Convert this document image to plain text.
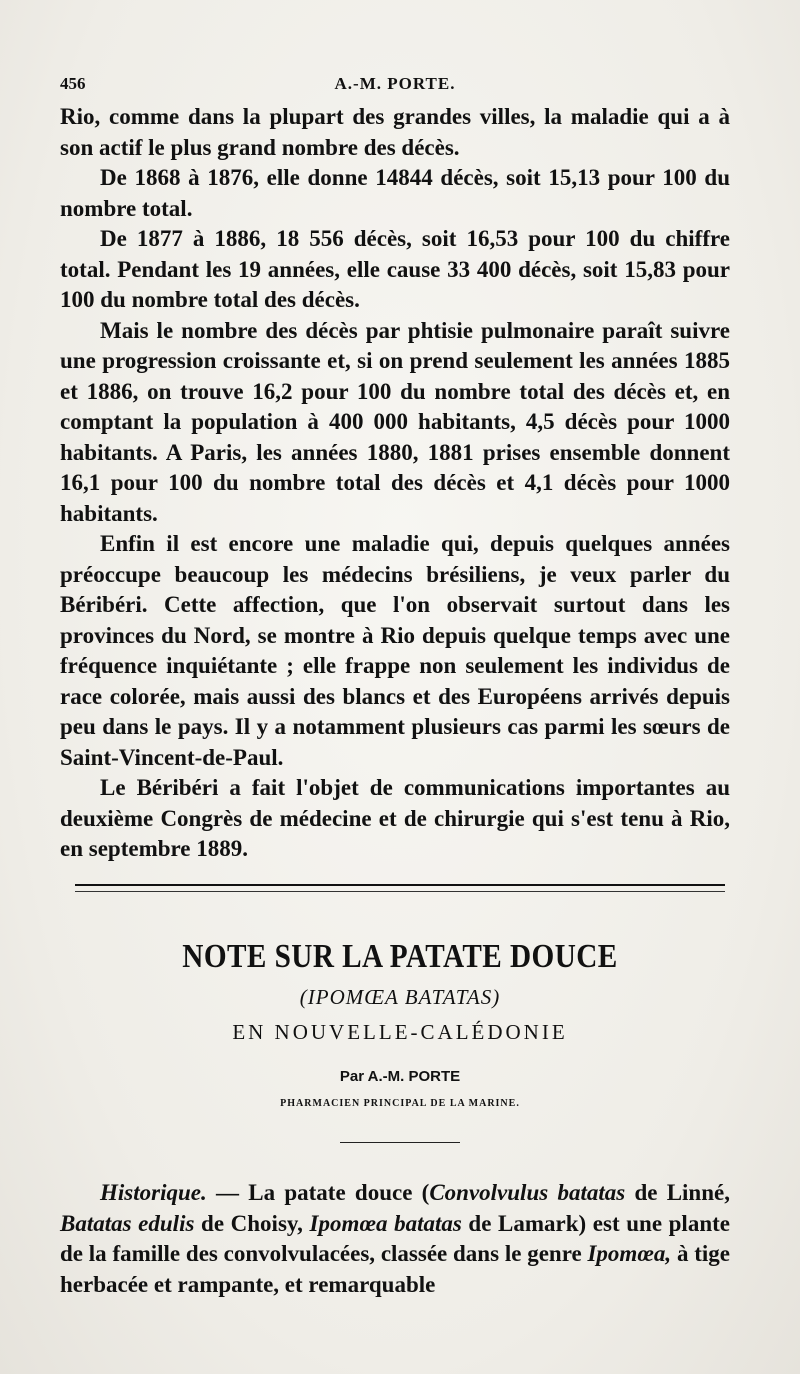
456	A.-M. PORTE.

Rio, comme dans la plupart des grandes villes, la maladie qui a à son actif le plus grand nombre des décès.

De 1868 à 1876, elle donne 14844 décès, soit 15,13 pour 100 du nombre total.

De 1877 à 1886, 18 556 décès, soit 16,53 pour 100 du chiffre total. Pendant les 19 années, elle cause 33 400 décès, soit 15,83 pour 100 du nombre total des décès.

Mais le nombre des décès par phtisie pulmonaire paraît suivre une progression croissante et, si on prend seulement les années 1885 et 1886, on trouve 16,2 pour 100 du nombre total des décès et, en comptant la population à 400 000 habitants, 4,5 décès pour 1000 habitants. A Paris, les années 1880, 1881 prises ensemble donnent 16,1 pour 100 du nombre total des décès et 4,1 décès pour 1000 habitants.

Enfin il est encore une maladie qui, depuis quelques années préoccupe beaucoup les médecins brésiliens, je veux parler du Béribéri. Cette affection, que l'on observait surtout dans les provinces du Nord, se montre à Rio depuis quelque temps avec une fréquence inquiétante ; elle frappe non seulement les individus de race colorée, mais aussi des blancs et des Européens arrivés depuis peu dans le pays. Il y a notamment plusieurs cas parmi les sœurs de Saint-Vincent-de-Paul.

Le Béribéri a fait l'objet de communications importantes au deuxième Congrès de médecine et de chirurgie qui s'est tenu à Rio, en septembre 1889.

NOTE SUR LA PATATE DOUCE
(IPOMŒA BATATAS)
EN NOUVELLE-CALÉDONIE
Par A.-M. PORTE
PHARMACIEN PRINCIPAL DE LA MARINE.

Historique. — La patate douce (Convolvulus batatas de Linné, Batatas edulis de Choisy, Ipomœa batatas de Lamark) est une plante de la famille des convolvulacées, classée dans le genre Ipomœa, à tige herbacée et rampante, et remarquable
